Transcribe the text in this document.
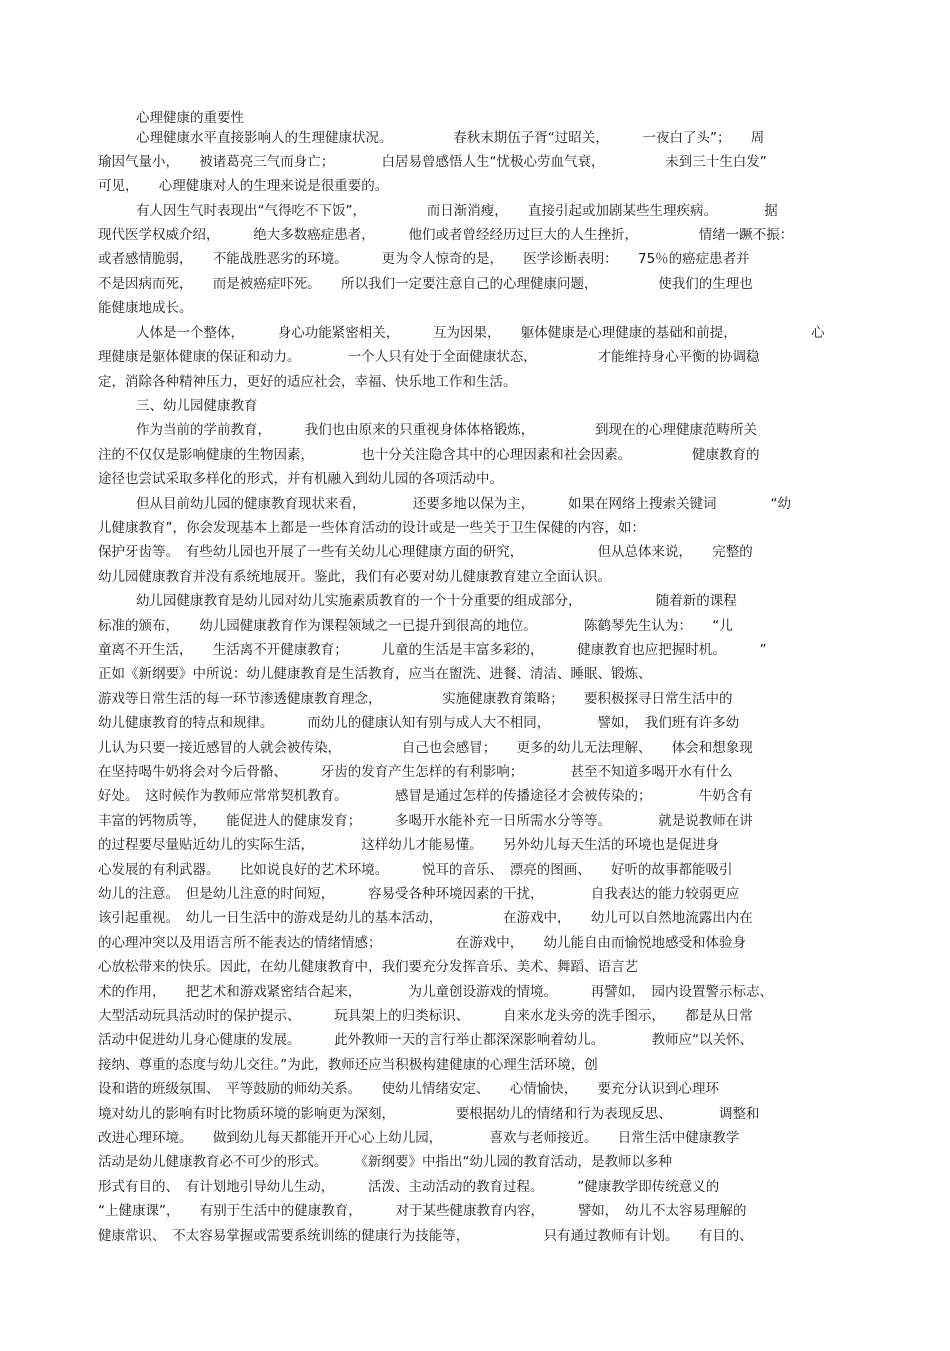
心理健康的重要性

心理健康水平直接影响人的生理健康状况。　　　　　春秋末期伍子胥“过昭关，　　　一夜白了头”；　　周

瑜因气量小，　　被诸葛亮三气而身亡；　　　　白居易曾感悟人生“忧极心劳血气衰，　　　　　未到三十生白发”

可见，　　心理健康对人的生理来说是很重要的。

有人因生气时表现出“气得吃不下饭”，　　　　　而日渐消瘦，　　直接引起或加剧某些生理疾病。　　　　据

现代医学权威介绍，　　　绝大多数癌症患者，　　　他们或者曾经经历过巨大的人生挫折，　　　　　情绪一蹶不振：

或者感情脆弱，　　不能战胜恶劣的环境。　　　更为令人惊奇的是，　　医学诊断表明：　　75％的癌症患者并

不是因病而死，　　而是被癌症吓死。　　所以我们一定要注意自己的心理健康问题，　　　　　使我们的生理也

能健康地成长。

人体是一个整体，　　　身心功能紧密相关，　　　互为因果，　　躯体健康是心理健康的基础和前提，　　　　　　心

理健康是躯体健康的保证和动力。　　　　一个人只有处于全面健康状态，　　　　　才能维持身心平衡的协调稳

定，消除各种精神压力，更好的适应社会，幸福、快乐地工作和生活。

三、幼儿园健康教育

作为当前的学前教育，　　　我们也由原来的只重视身体体格锻炼，　　　　　到现在的心理健康范畴所关

注的不仅仅是影响健康的生物因素，　　　　也十分关注隐含其中的心理因素和社会因素。　　　　　健康教育的

途径也尝试采取多样化的形式，并有机融入到幼儿园的各项活动中。

但从目前幼儿园的健康教育现状来看，　　　　还要多地以保为主，　　　如果在网络上搜索关键词　　　　“幼

儿健康教育”，你会发现基本上都是一些体育活动的设计或是一些关于卫生保健的内容，如：

保护牙齿等。　有些幼儿园也开展了一些有关幼儿心理健康方面的研究，　　　　　　但从总体来说，　　完整的

幼儿园健康教育并没有系统地展开。鉴此，我们有必要对幼儿健康教育建立全面认识。

幼儿园健康教育是幼儿园对幼儿实施素质教育的一个十分重要的组成部分，　　　　　　随着新的课程

标准的颁布，　　幼儿园健康教育作为课程领域之一已提升到很高的地位。　　　　陈鹤琴先生认为：　　“儿

童离不开生活，　　生活离不开健康教育；　　　儿童的生活是丰富多彩的，　　　健康教育也应把握时机。　　　”

正如《新纲要》中所说：幼儿健康教育是生活教育，应当在盥洗、进餐、清洁、睡眠、锻炼、

游戏等日常生活的每一环节渗透健康教育理念，　　　　　实施健康教育策略；　　要积极探寻日常生活中的

幼儿健康教育的特点和规律。　　　而幼儿的健康认知有别与成人大不相同，　　　　譬如，　我们班有许多幼

儿认为只要一接近感冒的人就会被传染，　　　　　自己也会感冒；　　更多的幼儿无法理解、　　体会和想象现

在坚持喝牛奶将会对今后骨骼、　　　牙齿的发育产生怎样的有利影响；　　　　甚至不知道多喝开水有什么

好处。　这时候作为教师应常常契机教育。　　　　感冒是通过怎样的传播途径才会被传染的；　　　　牛奶含有

丰富的钙物质等，　　能促进人的健康发育；　　　多喝开水能补充一日所需水分等等。　　　　就是说教师在讲

的过程要尽量贴近幼儿的实际生活，　　　　这样幼儿才能易懂。　　另外幼儿每天生活的环境也是促进身

心发展的有利武器。　　比如说良好的艺术环境。　　　悦耳的音乐、　漂亮的图画、　　好听的故事都能吸引

幼儿的注意。　但是幼儿注意的时间短，　　　容易受各种环境因素的干扰，　　　　自我表达的能力较弱更应

该引起重视。　幼儿一日生活中的游戏是幼儿的基本活动，　　　　　在游戏中，　　幼儿可以自然地流露出内在

的心理冲突以及用语言所不能表达的情绪情感；　　　　　　在游戏中，　　幼儿能自由而愉悦地感受和体验身

心放松带来的快乐。因此，在幼儿健康教育中，我们要充分发挥音乐、美术、舞蹈、语言艺

术的作用，　　把艺术和游戏紧密结合起来，　　　　为儿童创设游戏的情境。　　　再譬如，　园内设置警示标志、

大型活动玩具活动时的保护提示、　　　玩具架上的归类标识、　　　自来水龙头旁的洗手图示，　　都是从日常

活动中促进幼儿身心健康的发展。　　　此外教师一天的言行举止都深深影响着幼儿。　　　　教师应“以关怀、

接纳、尊重的态度与幼儿交往。”为此，教师还应当积极构建健康的心理生活环境，创

设和谐的班级氛围、　平等鼓励的师幼关系。　　使幼儿情绪安定、　　心情愉快，　　要充分认识到心理环

境对幼儿的影响有时比物质环境的影响更为深刻，　　　　　要根据幼儿的情绪和行为表现反思、　　　　调整和

改进心理环境。　　做到幼儿每天都能开开心心上幼儿园，　　　　喜欢与老师接近。　　日常生活中健康教学

活动是幼儿健康教育必不可少的形式。　　　《新纲要》中指出“幼儿园的教育活动，是教师以多种

形式有目的、　有计划地引导幼儿生动，　　　活泼、主动活动的教育过程。　　　”健康教学即传统意义的

“上健康课”，　　有别于生活中的健康教育，　　　对于某些健康教育内容，　　　譬如，　幼儿不太容易理解的

健康常识、　不太容易掌握或需要系统训练的健康行为技能等，　　　　　　只有通过教师有计划。　　有目的、
